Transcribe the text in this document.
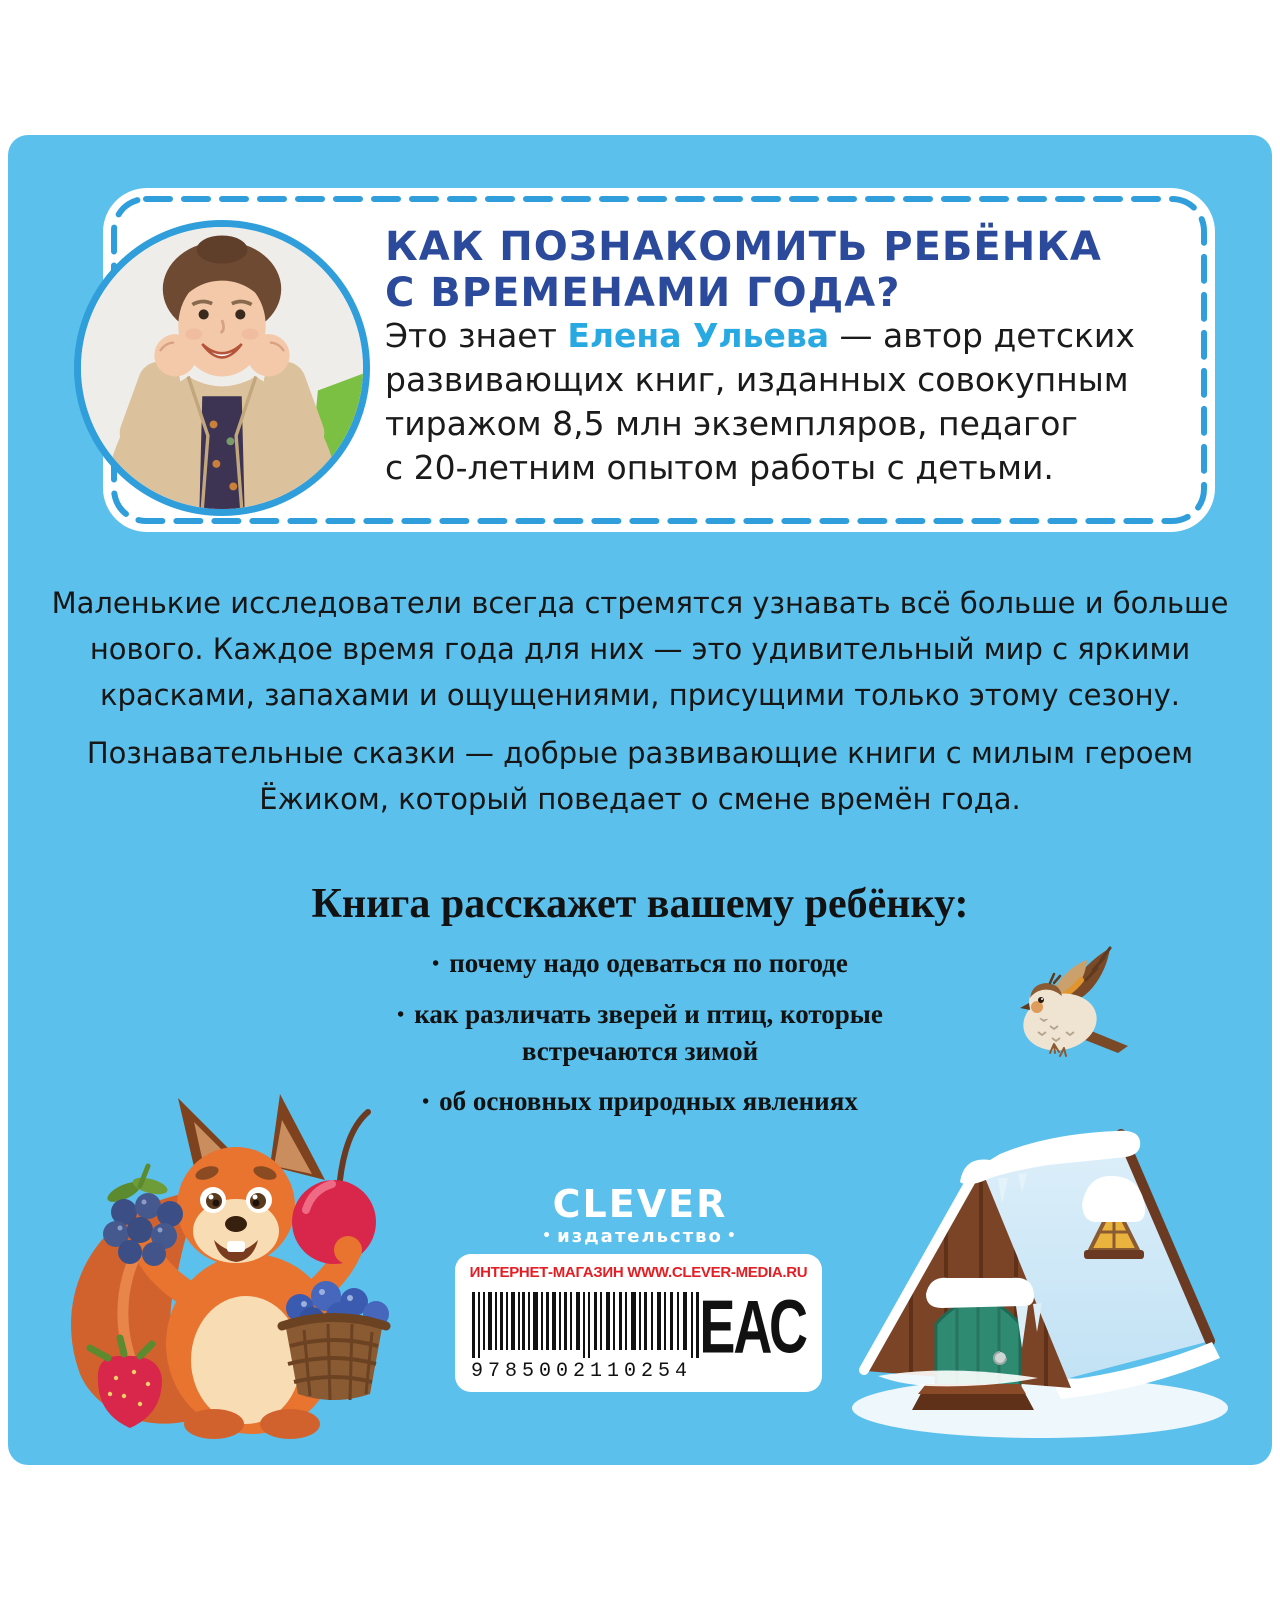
КАК ПОЗНАКОМИТЬ РЕБЁНКА
С ВРЕМЕНАМИ ГОДА?
Это знает Елена Ульева — автор детских
развивающих книг, изданных совокупным
тиражом 8,5 млн экземпляров, педагог
с 20-летним опытом работы с детьми.
Маленькие исследователи всегда стремятся узнавать всё больше и больше
нового. Каждое время года для них — это удивительный мир с яркими
красками, запахами и ощущениями, присущими только этому сезону.
Познавательные сказки — добрые развивающие книги с милым героем
Ёжиком, который поведает о смене времён года.
Книга расскажет вашему ребёнку:
• почему надо одеваться по погоде
• как различать зверей и птиц, которые встречаются зимой
• об основных природных явлениях
CLEVER
• издательство •
ИНТЕРНЕТ-МАГАЗИН WWW.CLEVER-MEDIA.RU
9785002110254
ЕАС
